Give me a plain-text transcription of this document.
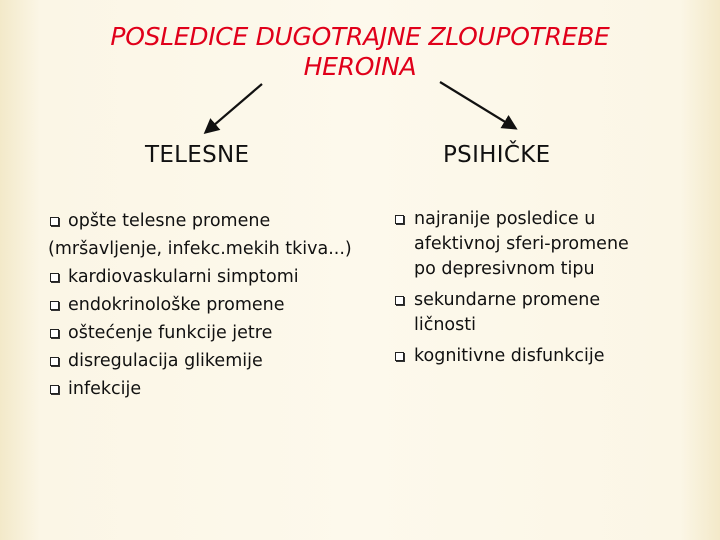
POSLEDICE DUGOTRAJNE ZLOUPOTREBE
HEROINA
TELESNE	PSIHIČKE
opšte telesne promene (mršavljenje, infekc.mekih tkiva...)
kardiovaskularni simptomi
endokrinološke promene
oštećenje funkcije jetre
disregulacija glikemije
infekcije
najranije posledice u afektivnoj sferi-promene po depresivnom tipu
sekundarne promene ličnosti
kognitivne disfunkcije
